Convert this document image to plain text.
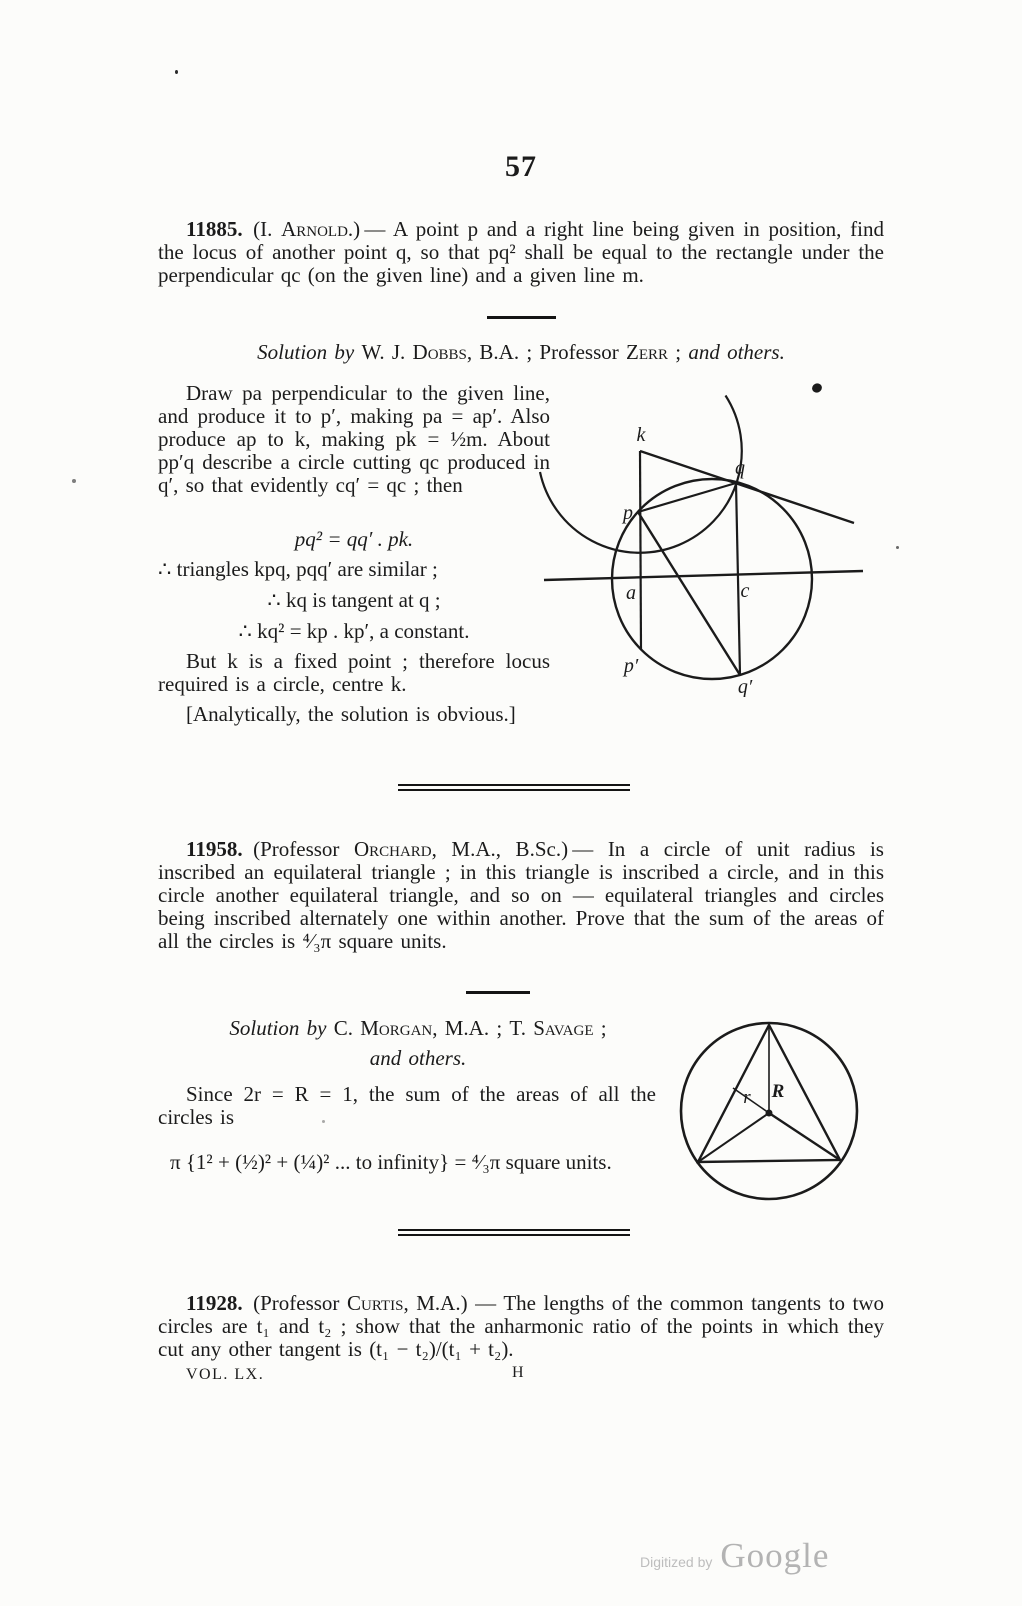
57
11885. (I. Arnold.) — A point p and a right line being given in position, find the locus of another point q, so that pq² shall be equal to the rectangle under the perpendicular qc (on the given line) and a given line m.
Solution by W. J. Dobbs, B.A. ; Professor Zerr ; and others.
Draw pa perpendicular to the given line, and produce it to p′, making pa = ap′. Also produce ap to k, making pk = ½m. About pp′q describe a circle cutting qc produced in q′, so that evidently cq′ = qc ; then
pq² = qq′ . pk.
∴ triangles kpq, pqq′ are similar ;
∴ kq is tangent at q ;
∴ kq² = kp . kp′, a constant.
But k is a fixed point ; therefore locus required is a circle, centre k.
[Analytically, the solution is obvious.]
k
q
p
a	c
p′
q′
11958. (Professor Orchard, M.A., B.Sc.) — In a circle of unit radius is inscribed an equilateral triangle ; in this triangle is inscribed a circle, and in this circle another equilateral triangle, and so on — equilateral triangles and circles being inscribed alternately one within another. Prove that the sum of the areas of all the circles is ⁴⁄₃π square units.
Solution by C. Morgan, M.A. ; T. Savage ;
and others.
Since 2r = R = 1, the sum of the areas of all the circles is
π {1² + (½)² + (¼)² ... to infinity} = ⁴⁄₃π square units.
r R
11928. (Professor Curtis, M.A.) — The lengths of the common tangents to two circles are t₁ and t₂ ; show that the anharmonic ratio of the points in which they cut any other tangent is (t₁ − t₂)/(t₁ + t₂).
VOL. LX.	H
Digitized by Google
